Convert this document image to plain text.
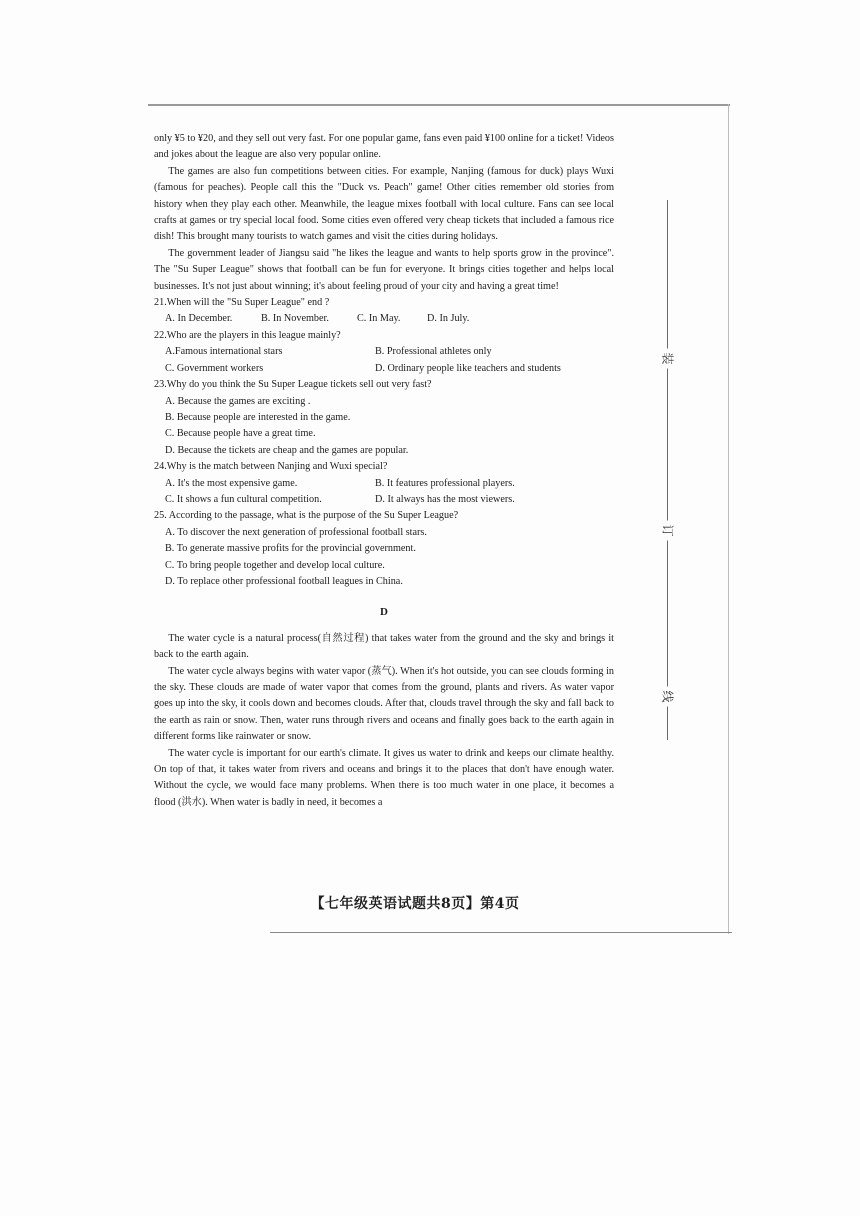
装
订
线

only ¥5 to ¥20, and they sell out very fast. For one popular game, fans even paid ¥100 online for a ticket! Videos and jokes about the league are also very popular online.

The games are also fun competitions between cities. For example, Nanjing (famous for duck) plays Wuxi (famous for peaches). People call this the "Duck vs. Peach" game! Other cities remember old stories from history when they play each other. Meanwhile, the league mixes football with local culture. Fans can see local crafts at games or try special local food. Some cities even offered very cheap tickets that included a famous rice dish! This brought many tourists to watch games and visit the cities during holidays.

The government leader of Jiangsu said "he likes the league and wants to help sports grow in the province". The "Su Super League" shows that football can be fun for everyone. It brings cities together and helps local businesses. It's not just about winning; it's about feeling proud of your city and having a great time!

21.When will the "Su Super League" end ?
A. In December.	B. In November.	C. In May.	D. In July.
22.Who are the players in this league mainly?
A.Famous international stars	B. Professional athletes only
C. Government workers	D. Ordinary people like teachers and students
23.Why do you think the Su Super League tickets sell out very fast?
A. Because the games are exciting .
B. Because people are interested in the game.
C. Because people have a great time.
D. Because the tickets are cheap and the games are popular.
24.Why is the match between Nanjing and Wuxi special?
A. It's the most expensive game.	B. It features professional players.
C. It shows a fun cultural competition.	D. It always has the most viewers.
25. According to the passage, what is the purpose of the Su Super League?
A. To discover the next generation of professional football stars.
B. To generate massive profits for the provincial government.
C. To bring people together and develop local culture.
D. To replace other professional football leagues in China.
D

The water cycle is a natural process(自然过程) that takes water from the ground and the sky and brings it back to the earth again.

The water cycle always begins with water vapor (蒸气). When it's hot outside, you can see clouds forming in the sky. These clouds are made of water vapor that comes from the ground, plants and rivers. As water vapor goes up into the sky, it cools down and becomes clouds. After that, clouds travel through the sky and fall back to the earth as rain or snow. Then, water runs through rivers and oceans and finally goes back to the earth again in different forms like rainwater or snow.

The water cycle is important for our earth's climate. It gives us water to drink and keeps our climate healthy. On top of that, it takes water from rivers and oceans and brings it to the places that don't have enough water. Without the cycle, we would face many problems. When there is too much water in one place, it becomes a flood (洪水). When water is badly in need, it becomes a

【七年级英语试题共8页】第4页
